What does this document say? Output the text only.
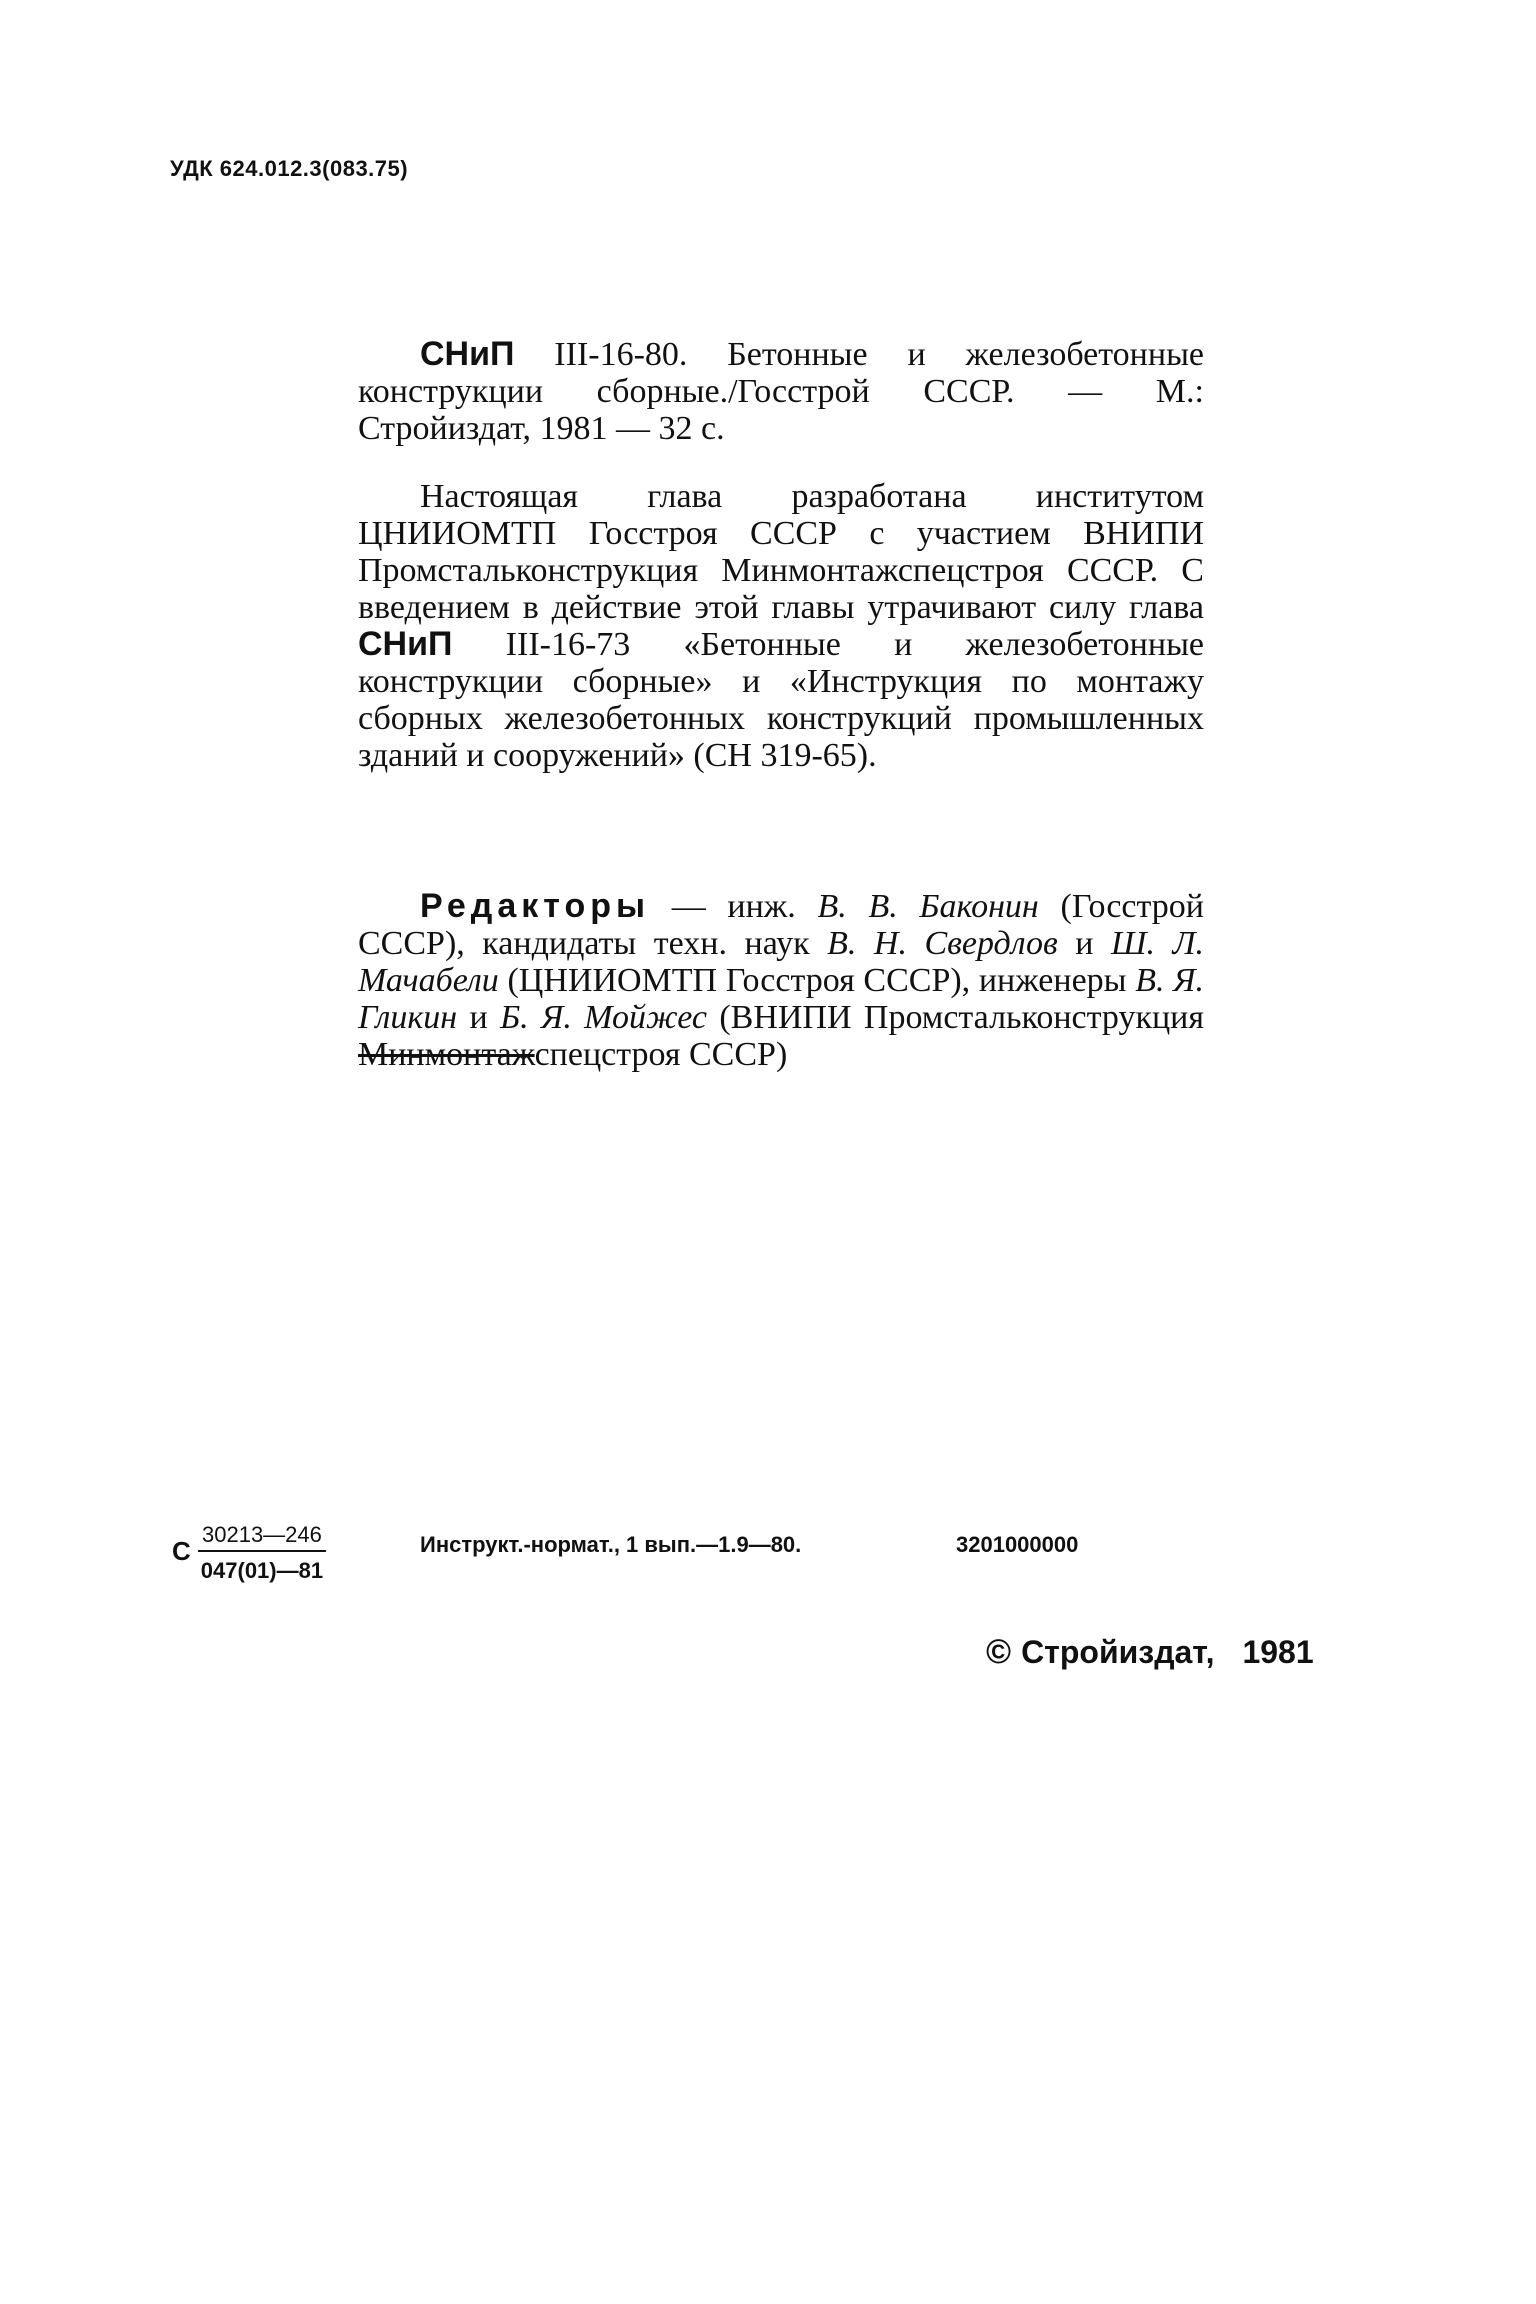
УДК 624.012.3(083.75)
СНиП III-16-80. Бетонные и железобетонные конструкции сборные./Госстрой СССР. — М.: Стройиздат, 1981 — 32 с.
Настоящая глава разработана институтом ЦНИИОМТП Госстроя СССР с участием ВНИПИ Промстальконструкция Минмонтажспецстроя СССР. С введением в действие этой главы утрачивают силу глава СНиП III-16-73 «Бетонные и железобетонные конструкции сборные» и «Инструкция по монтажу сборных железобетонных конструкций промышленных зданий и сооружений» (СН 319-65).
Редакторы — инж. В. В. Баконин (Госстрой СССР), кандидаты техн. наук В. Н. Свердлов и Ш. Л. Мачабели (ЦНИИОМТП Госстроя СССР), инженеры В. Я. Гликин и Б. Я. Мойжес (ВНИПИ Промстальконструкция Минмонтажспецстроя СССР)
С $\frac{30213—246}{047(01)—81}$	Инструкт.-нормат., 1 вып.—1.9—80.	3201000000
© Стройиздат, 1981
